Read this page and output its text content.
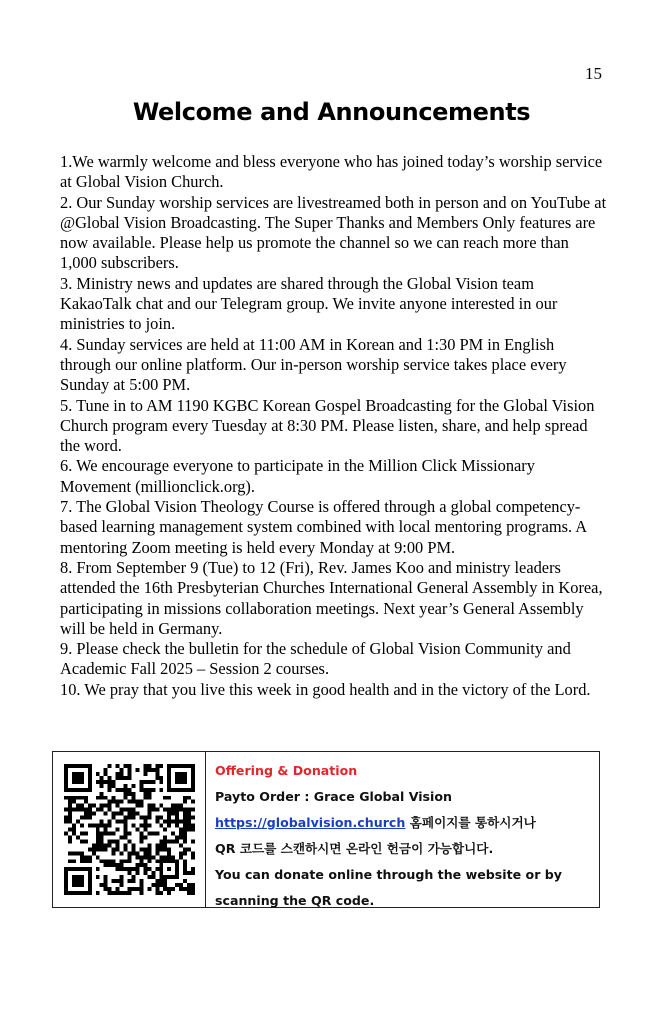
15
Welcome and Announcements

1.We warmly welcome and bless everyone who has joined today’s worship service at Global Vision Church.

2. Our Sunday worship services are livestreamed both in person and on YouTube at @Global Vision Broadcasting. The Super Thanks and Members Only features are now available. Please help us promote the channel so we can reach more than 1,000 subscribers.

3. Ministry news and updates are shared through the Global Vision team KakaoTalk chat and our Telegram group. We invite anyone interested in our ministries to join.

4. Sunday services are held at 11:00 AM in Korean and 1:30 PM in English through our online platform. Our in-person worship service takes place every Sunday at 5:00 PM.

5. Tune in to AM 1190 KGBC Korean Gospel Broadcasting for the Global Vision Church program every Tuesday at 8:30 PM. Please listen, share, and help spread the word.

6. We encourage everyone to participate in the Million Click Missionary Movement (millionclick.org).

7. The Global Vision Theology Course is offered through a global competency-based learning management system combined with local mentoring programs. A mentoring Zoom meeting is held every Monday at 9:00 PM.

8. From September 9 (Tue) to 12 (Fri), Rev. James Koo and ministry leaders attended the 16th Presbyterian Churches International General Assembly in Korea, participating in missions collaboration meetings. Next year’s General Assembly will be held in Germany.

9. Please check the bulletin for the schedule of Global Vision Community and Academic Fall 2025 – Session 2 courses.

10. We pray that you live this week in good health and in the victory of the Lord.

Offering & Donation
Payto Order : Grace Global Vision
https://globalvision.church 홈페이지를 통하시거나
QR 코드를 스캔하시면 온라인 헌금이 가능합니다.
You can donate online through the website or by
scanning the QR code.
